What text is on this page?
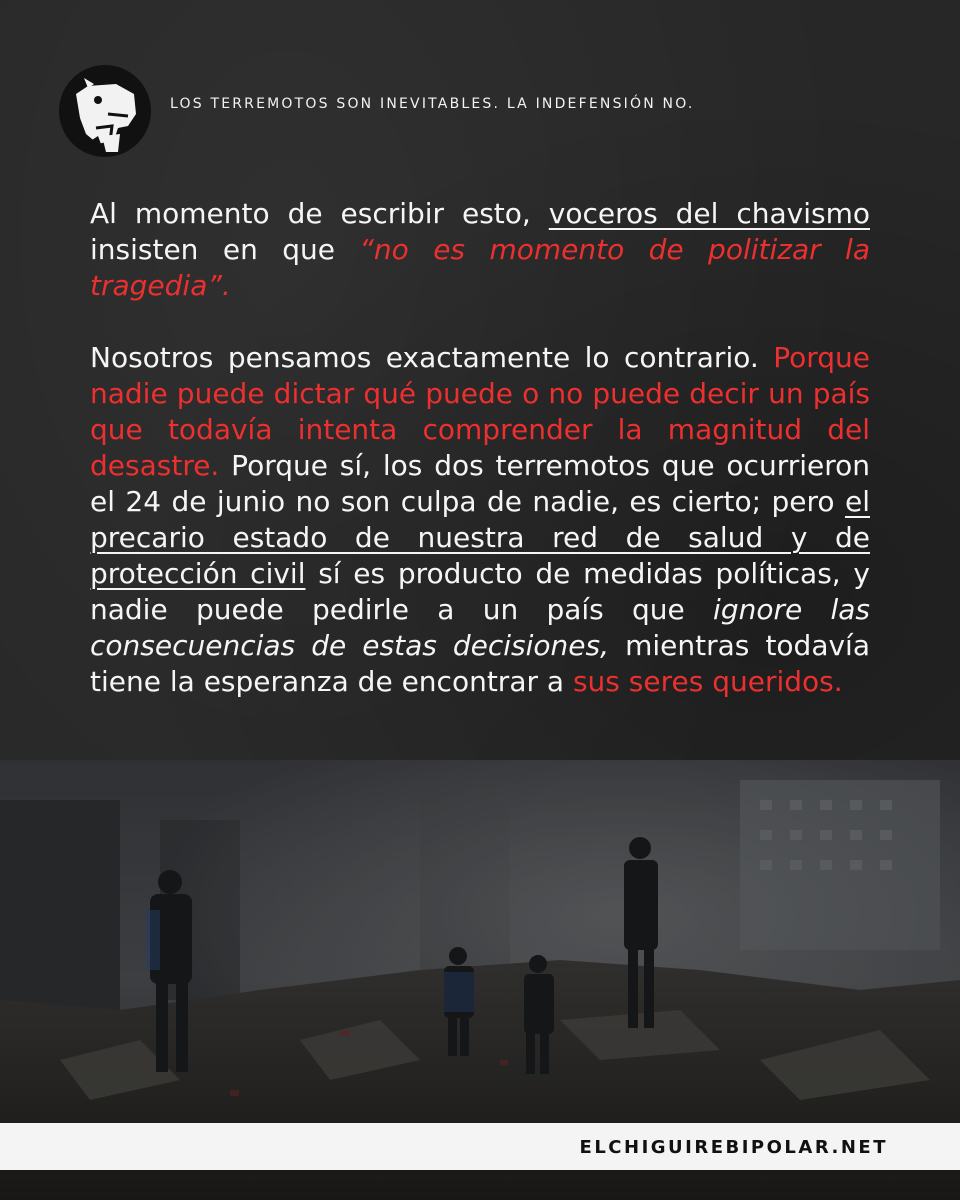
LOS TERREMOTOS SON INEVITABLES. LA INDEFENSIÓN NO.

Al momento de escribir esto, voceros del chavismo insisten en que “no es momento de politizar la tragedia”.

Nosotros pensamos exactamente lo contrario. Porque nadie puede dictar qué puede o no puede decir un país que todavía intenta comprender la magnitud del desastre. Porque sí, los dos terremotos que ocurrieron el 24 de junio no son culpa de nadie, es cierto; pero el precario estado de nuestra red de salud y de protección civil sí es producto de medidas políticas, y nadie puede pedirle a un país que ignore las consecuencias de estas decisiones, mientras todavía tiene la esperanza de encontrar a sus seres queridos.

ELCHIGUIREBIPOLAR.NET
